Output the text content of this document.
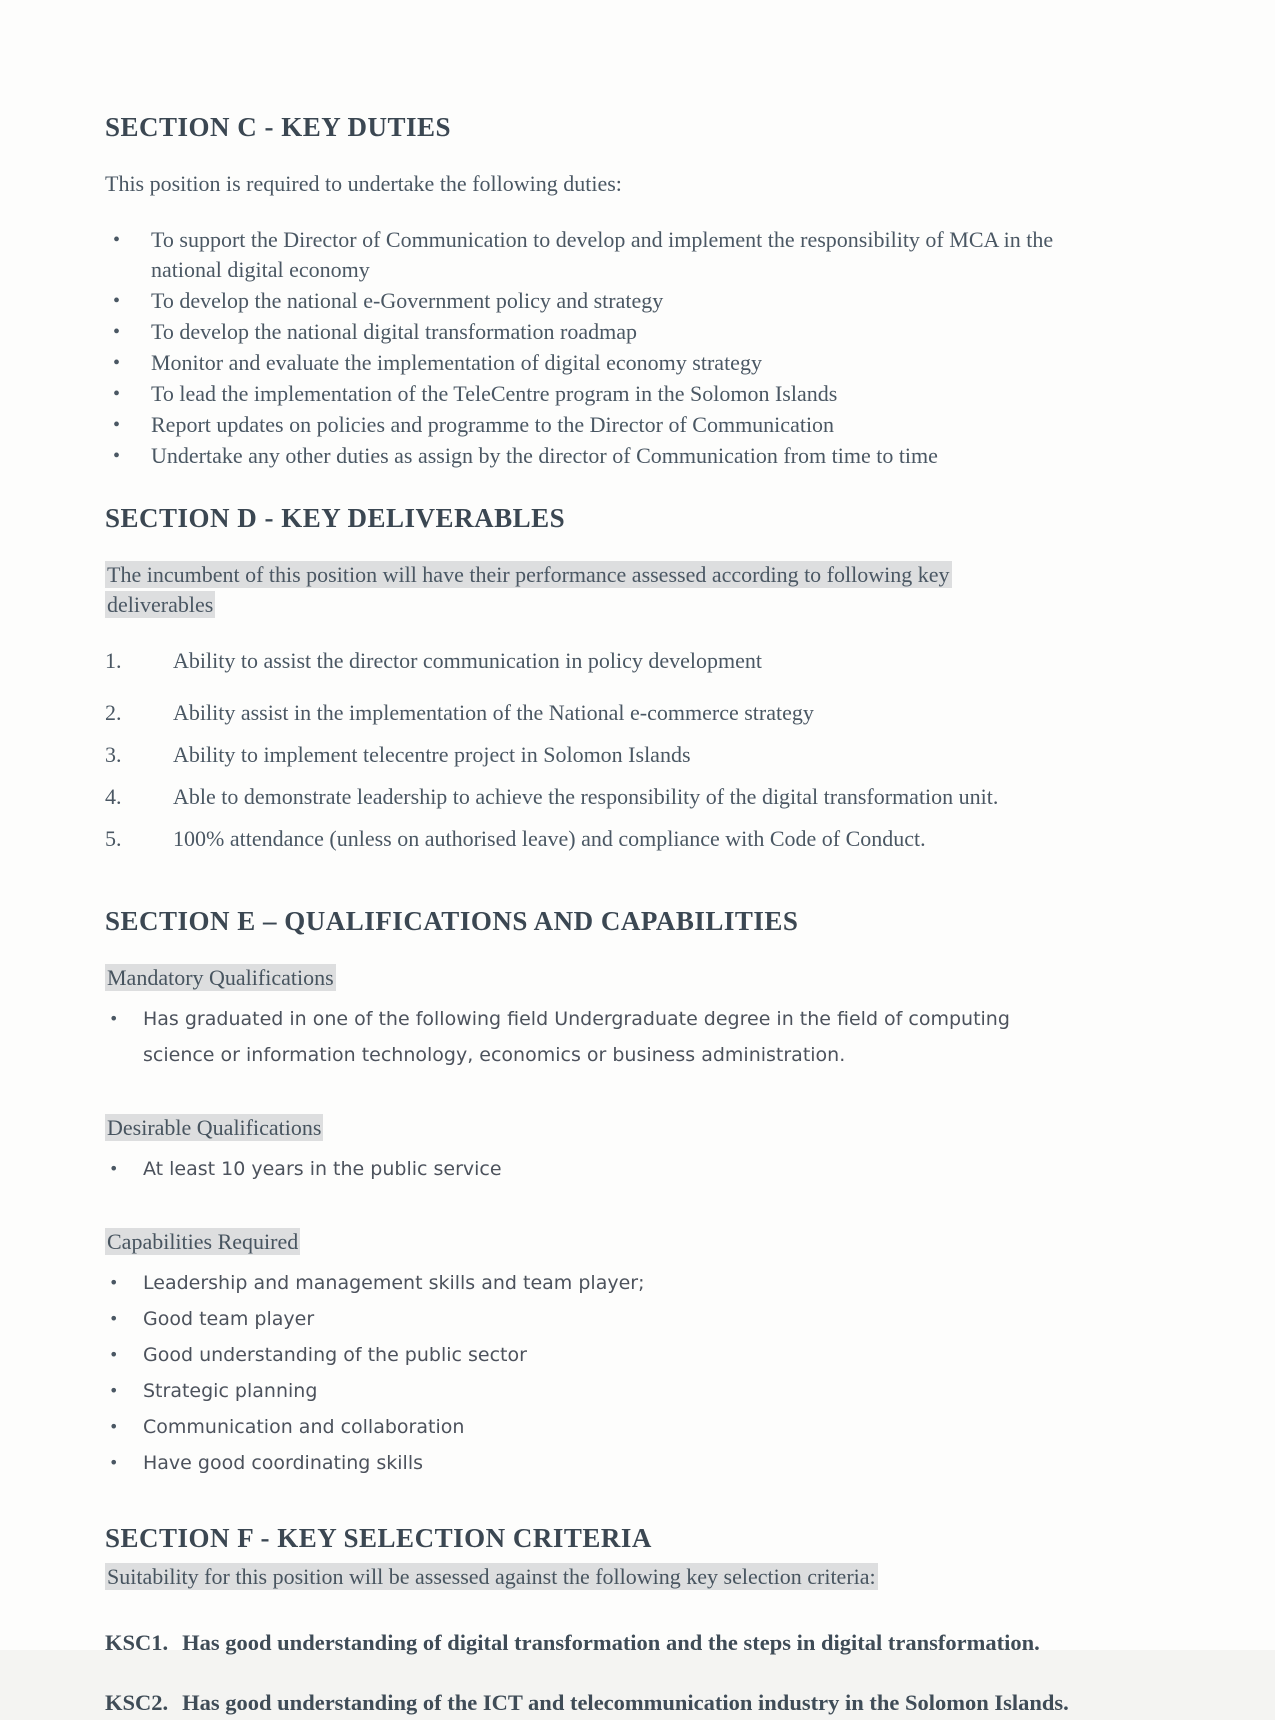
SECTION C - KEY DUTIES

This position is required to undertake the following duties:

•	To support the Director of Communication to develop and implement the responsibility of MCA in the national digital economy
•	To develop the national e-Government policy and strategy
•	To develop the national digital transformation roadmap
•	Monitor and evaluate the implementation of digital economy strategy
•	To lead the implementation of the TeleCentre program in the Solomon Islands
•	Report updates on policies and programme to the Director of Communication
•	Undertake any other duties as assign by the director of Communication from time to time
SECTION D - KEY DELIVERABLES

The incumbent of this position will have their performance assessed according to following key deliverables

1.	Ability to assist the director communication in policy development
2.	Ability assist in the implementation of the National e-commerce strategy
3.	Ability to implement telecentre project in Solomon Islands
4.	Able to demonstrate leadership to achieve the responsibility of the digital transformation unit.
5.	100% attendance (unless on authorised leave) and compliance with Code of Conduct.
SECTION E – QUALIFICATIONS AND CAPABILITIES
Mandatory Qualifications
•	Has graduated in one of the following field Undergraduate degree in the field of computing science or information technology, economics or business administration.
Desirable Qualifications
•	At least 10 years in the public service
Capabilities Required
•	Leadership and management skills and team player;
•	Good team player
•	Good understanding of the public sector
•	Strategic planning
•	Communication and collaboration
•	Have good coordinating skills
SECTION F - KEY SELECTION CRITERIA

Suitability for this position will be assessed against the following key selection criteria:

KSC1. Has good understanding of digital transformation and the steps in digital transformation.

KSC2. Has good understanding of the ICT and telecommunication industry in the Solomon Islands.
